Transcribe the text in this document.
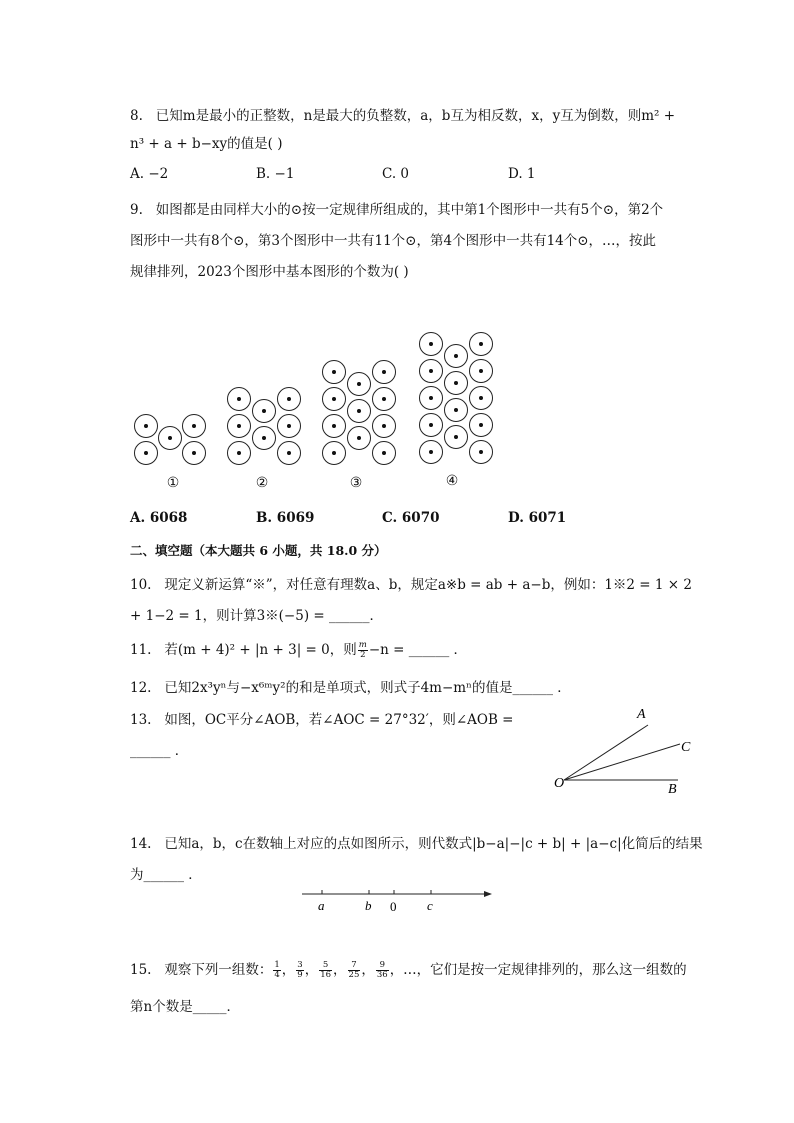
8. 已知m是最小的正整数，n是最大的负整数，a，b互为相反数，x，y互为倒数，则m² +
n³ + a + b−xy的值是( )
A. −2	B. −1	C. 0	D. 1
9. 如图都是由同样大小的⊙按一定规律所组成的，其中第1个图形中一共有5个⊙，第2个
图形中一共有8个⊙，第3个图形中一共有11个⊙，第4个图形中一共有14个⊙，…，按此
规律排列，2023个图形中基本图形的个数为( )
①	②	③	④
A. 6068	B. 6069	C. 6070	D. 6071
二、填空题（本大题共 6 小题，共 18.0 分）
10. 现定义新运算“※”，对任意有理数a、b，规定a※b = ab + a−b，例如：1※2 = 1 × 2
+ 1−2 = 1，则计算3※(−5) = ______．
11. 若(m + 4)² + |n + 3| = 0，则 $\frac{m}{2} -n$ = ______ ．
12. 已知2x³yⁿ与−x⁶ᵐy²的和是单项式，则式子4m−mⁿ的值是______ ．
13. 如图，OC平分∠AOB，若∠AOC = 27°32′，则∠AOB =
______ ．
A
C
O	B
14. 已知a，b，c在数轴上对应的点如图所示，则代数式|b−a|−|c + b| + |a−c|化简后的结果
为______ ．
a	b 0 c
15. 观察下列一组数： $\frac{1}{4}$ ， $\frac{3}{9}$ ， $\frac{5}{16}$ ， $\frac{7}{25}$ ， $\frac{9}{36}$ ，…，它们是按一定规律排列的，那么这一组数的
第n个数是_____．
